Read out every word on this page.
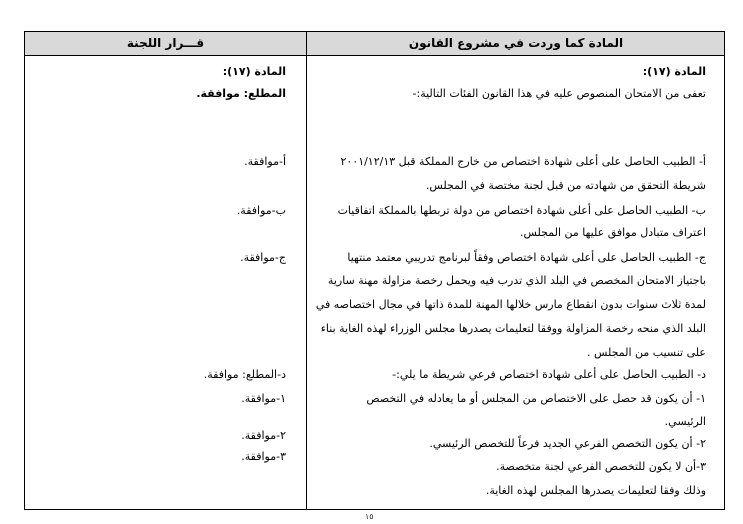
المادة كما وردت في مشروع القانون
قـــرار اللجنة
المادة (١٧):
تعفى من الامتحان المنصوص عليه في هذا القانون الفئات التالية:-
أ- الطبيب الحاصل على أعلى شهادة اختصاص من خارج المملكة قبل ٢٠٠١/١٢/١٣
شريطة التحقق من شهادته من قبل لجنة مختصة في المجلس.
ب- الطبيب الحاصل على أعلى شهادة اختصاص من دولة تربطها بالمملكة اتفاقيات
اعتراف متبادل موافق عليها من المجلس.
ج- الطبيب الحاصل على أعلى شهادة اختصاص وفقاً لبرنامج تدريبي معتمد منتهيا
باجتياز الامتحان المخصص في البلد الذي تدرب فيه ويحمل رخصة مزاولة مهنة سارية
لمدة ثلاث سنوات بدون انقطاع مارس خلالها المهنة للمدة ذاتها في مجال اختصاصه في
البلد الذي منحه رخصة المزاولة ووفقا لتعليمات يصدرها مجلس الوزراء لهذه الغاية بناء
على تنسيب من المجلس .
د- الطبيب الحاصل على أعلى شهادة اختصاص فرعي شريطة ما يلي:-
١- أن يكون قد حصل على الاختصاص من المجلس أو ما يعادله في التخصص
الرئيسي.
٢- أن يكون التخصص الفرعي الجديد فرعاً للتخصص الرئيسي.
٣-أن لا يكون للتخصص الفرعي لجنة متخصصة.
وذلك وفقا لتعليمات يصدرها المجلس لهذه الغاية.
المادة (١٧):
المطلع: موافقة.
أ-موافقة.
ب-موافقة.
ج-موافقة.
د-المطلع: موافقة.
١-موافقة.
٢-موافقة.
٣-موافقة.
١٥
